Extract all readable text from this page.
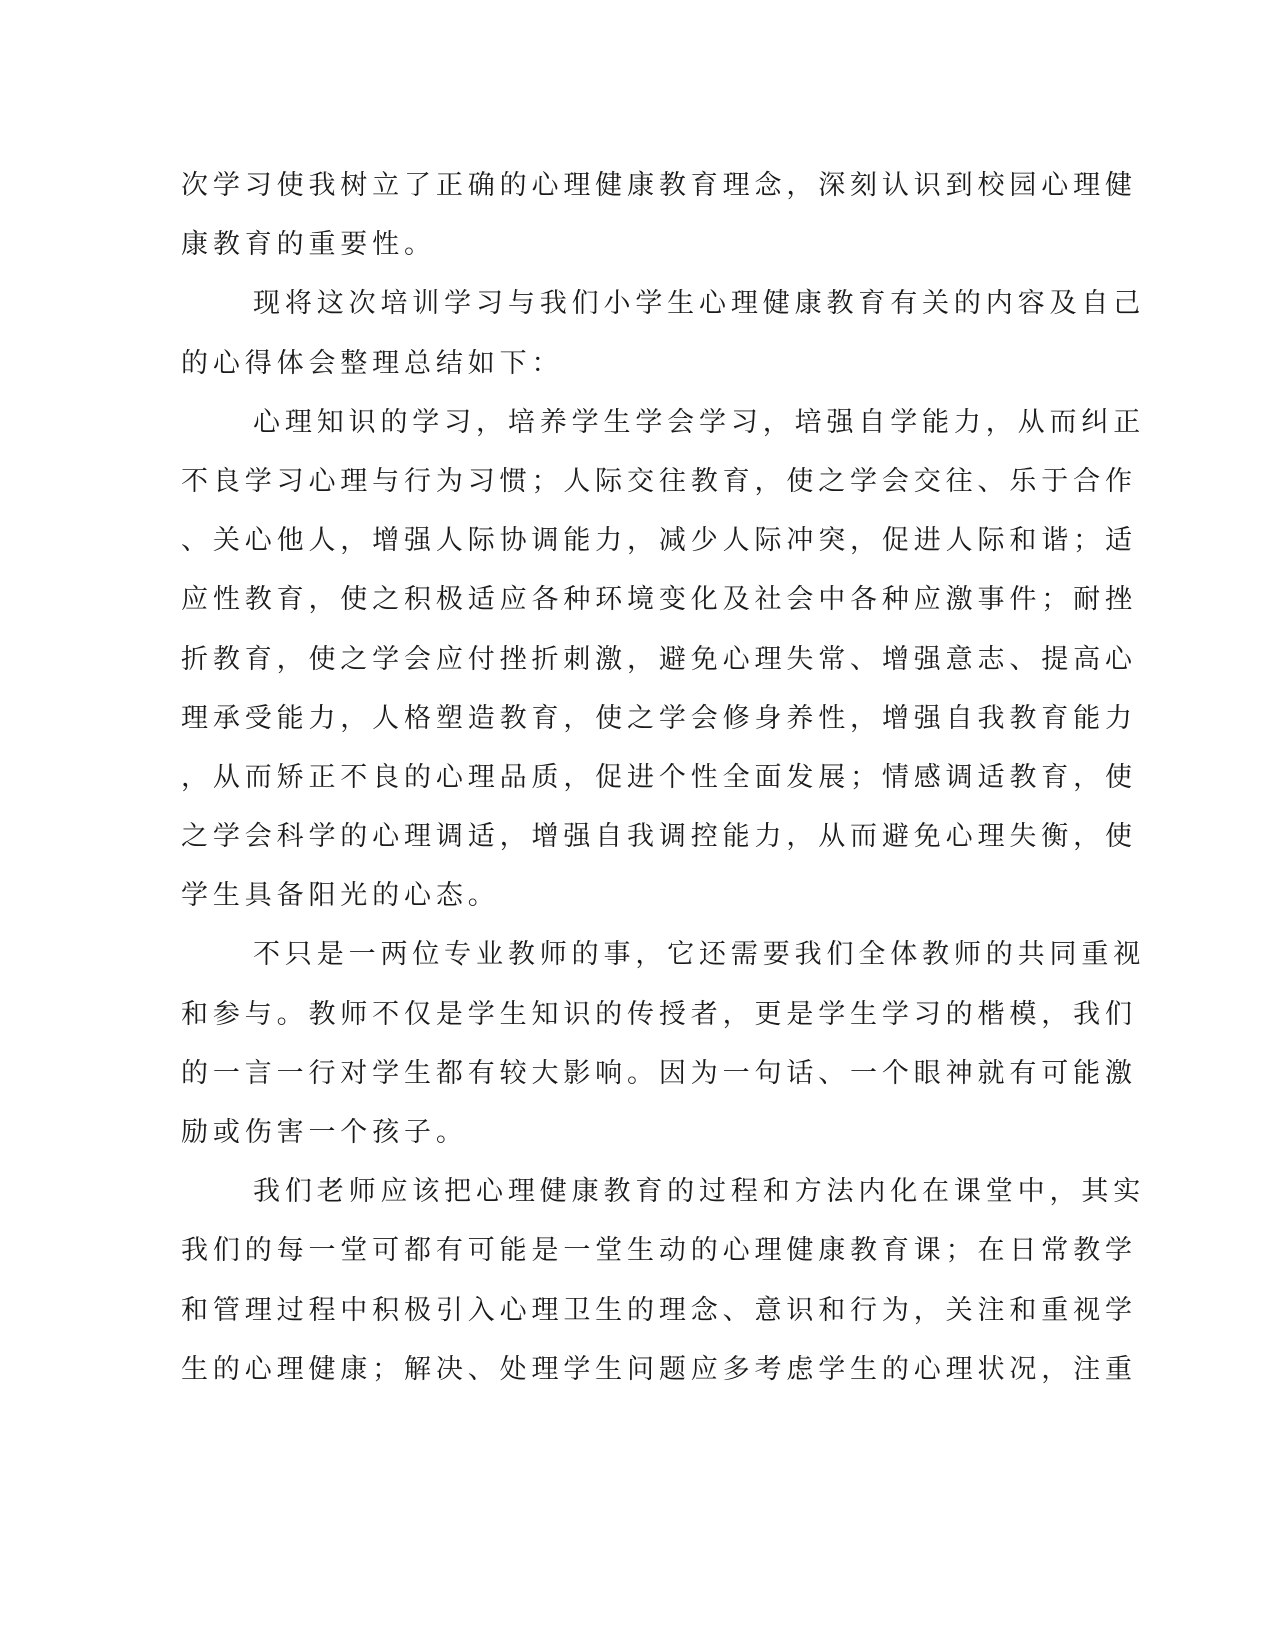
次学习使我树立了正确的心理健康教育理念，深刻认识到校园心理健
康教育的重要性。
现将这次培训学习与我们小学生心理健康教育有关的内容及自己
的心得体会整理总结如下：
心理知识的学习，培养学生学会学习，培强自学能力，从而纠正
不良学习心理与行为习惯；人际交往教育，使之学会交往、乐于合作
、关心他人，增强人际协调能力，减少人际冲突，促进人际和谐；适
应性教育，使之积极适应各种环境变化及社会中各种应激事件；耐挫
折教育，使之学会应付挫折刺激，避免心理失常、增强意志、提高心
理承受能力，人格塑造教育，使之学会修身养性，增强自我教育能力
，从而矫正不良的心理品质，促进个性全面发展；情感调适教育，使
之学会科学的心理调适，增强自我调控能力，从而避免心理失衡，使
学生具备阳光的心态。
不只是一两位专业教师的事，它还需要我们全体教师的共同重视
和参与。教师不仅是学生知识的传授者，更是学生学习的楷模，我们
的一言一行对学生都有较大影响。因为一句话、一个眼神就有可能激
励或伤害一个孩子。
我们老师应该把心理健康教育的过程和方法内化在课堂中，其实
我们的每一堂可都有可能是一堂生动的心理健康教育课；在日常教学
和管理过程中积极引入心理卫生的理念、意识和行为，关注和重视学
生的心理健康；解决、处理学生问题应多考虑学生的心理状况，注重
